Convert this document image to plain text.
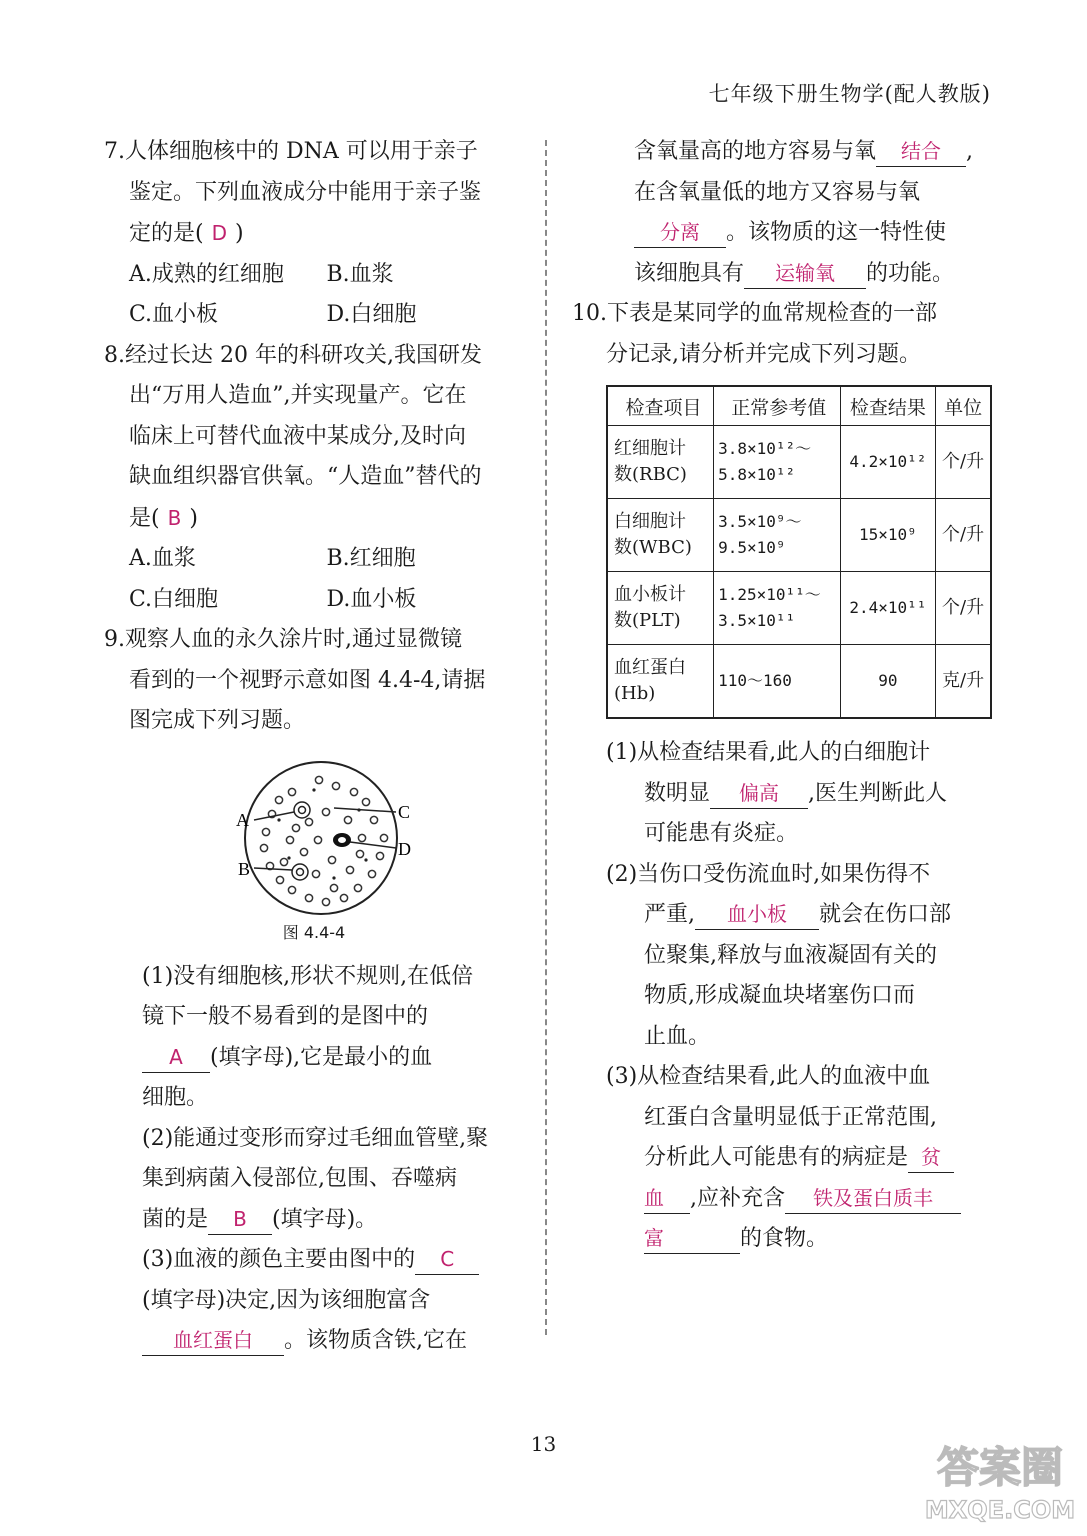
七年级下册生物学(配人教版)

7.人体细胞核中的 DNA 可以用于亲子

鉴定。下列血液成分中能用于亲子鉴

定的是( D )

A.成熟的红细胞	B.血浆
C.血小板	D.白细胞

8.经过长达 20 年的科研攻关,我国研发

出“万用人造血”,并实现量产。它在

临床上可替代血液中某成分,及时向

缺血组织器官供氧。“人造血”替代的

是( B )

A.血浆	B.红细胞
C.白细胞	D.血小板

9.观察人血的永久涂片时,通过显微镜

看到的一个视野示意如图 4.4-4,请据

图完成下列习题。

A
B
C
D
图 4.4-4

(1)没有细胞核,形状不规则,在低倍

镜下一般不易看到的是图中的

A (填字母),它是最小的血

细胞。

(2)能通过变形而穿过毛细血管壁,聚

集到病菌入侵部位,包围、吞噬病

菌的是 B (填字母)。

(3)血液的颜色主要由图中的 C

(填字母)决定,因为该细胞富含

血红蛋白 。该物质含铁,它在

含氧量高的地方容易与氧 结合 ,

在含氧量低的地方又容易与氧

分离 。该物质的这一特性使

该细胞具有 运输氧 的功能。

10.下表是某同学的血常规检查的一部

分记录,请分析并完成下列习题。

检查项目	正常参考值	检查结果	单位
红细胞计
数(RBC)	3.8×10¹²～
5.8×10¹²	4.2×10¹²	个/升
白细胞计
数(WBC)	3.5×10⁹～
9.5×10⁹	15×10⁹	个/升
血小板计
数(PLT)	1.25×10¹¹～
3.5×10¹¹	2.4×10¹¹	个/升
血红蛋白
(Hb)	110～160	90	克/升

(1)从检查结果看,此人的白细胞计

数明显 偏高 ,医生判断此人

可能患有炎症。

(2)当伤口受伤流血时,如果伤得不

严重, 血小板 就会在伤口部

位聚集,释放与血液凝固有关的

物质,形成凝血块堵塞伤口而

止血。

(3)从检查结果看,此人的血液中血

红蛋白含量明显低于正常范围,

分析此人可能患有的病症是 贫

血 ,应补充含 铁及蛋白质丰

富	的食物。

13	答案圈
MXQE.COM
